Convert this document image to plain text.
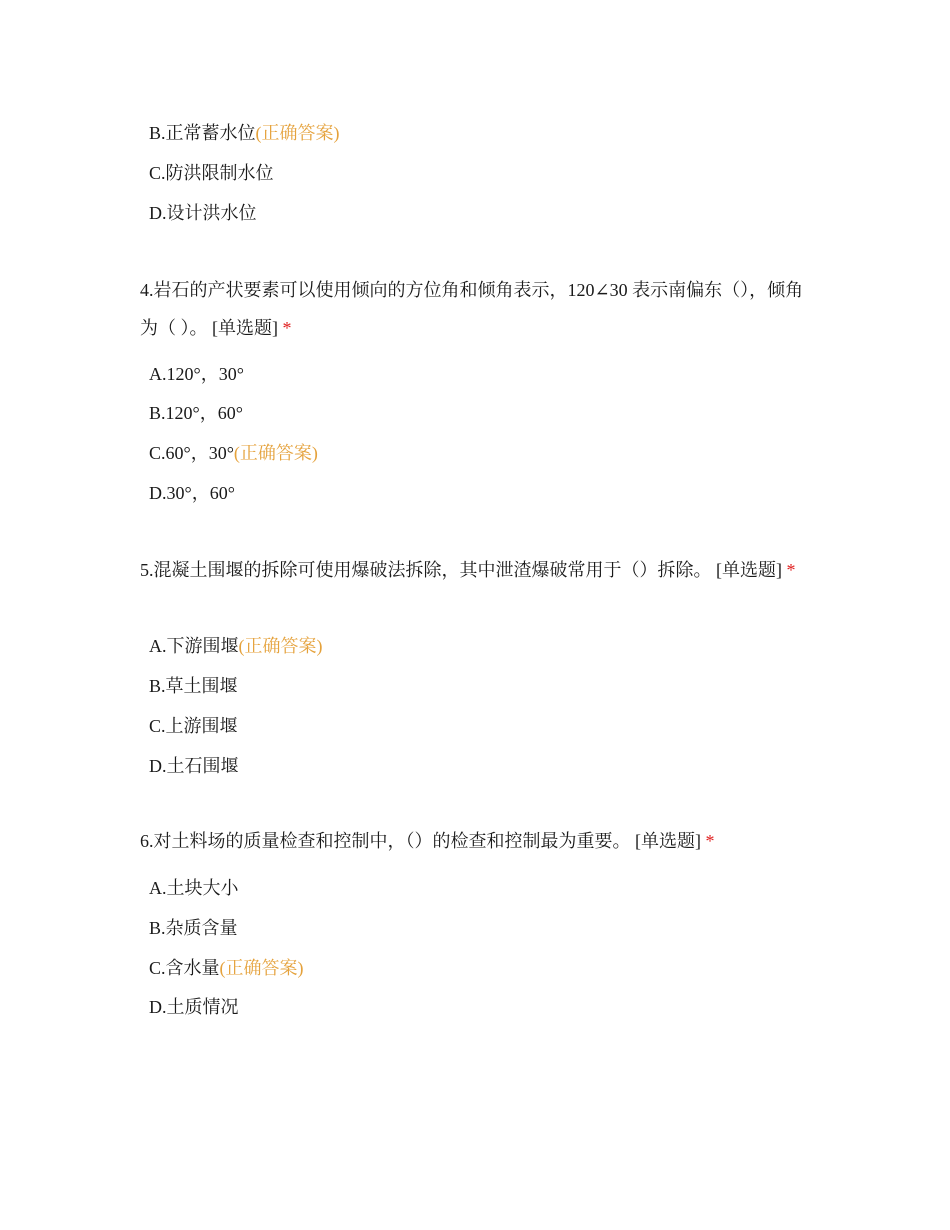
B.正常蓄水位(正确答案)
C.防洪限制水位
D.设计洪水位
4.岩石的产状要素可以使用倾向的方位角和倾角表示，120∠30 表示南偏东（），倾角为（ ）。 [单选题] *
A.120°，30°
B.120°，60°
C.60°，30°(正确答案)
D.30°，60°
5.混凝土围堰的拆除可使用爆破法拆除，其中泄渣爆破常用于（）拆除。 [单选题] *
A.下游围堰(正确答案)
B.草土围堰
C.上游围堰
D.土石围堰
6.对土料场的质量检查和控制中，（）的检查和控制最为重要。 [单选题] *
A.土块大小
B.杂质含量
C.含水量(正确答案)
D.土质情况
